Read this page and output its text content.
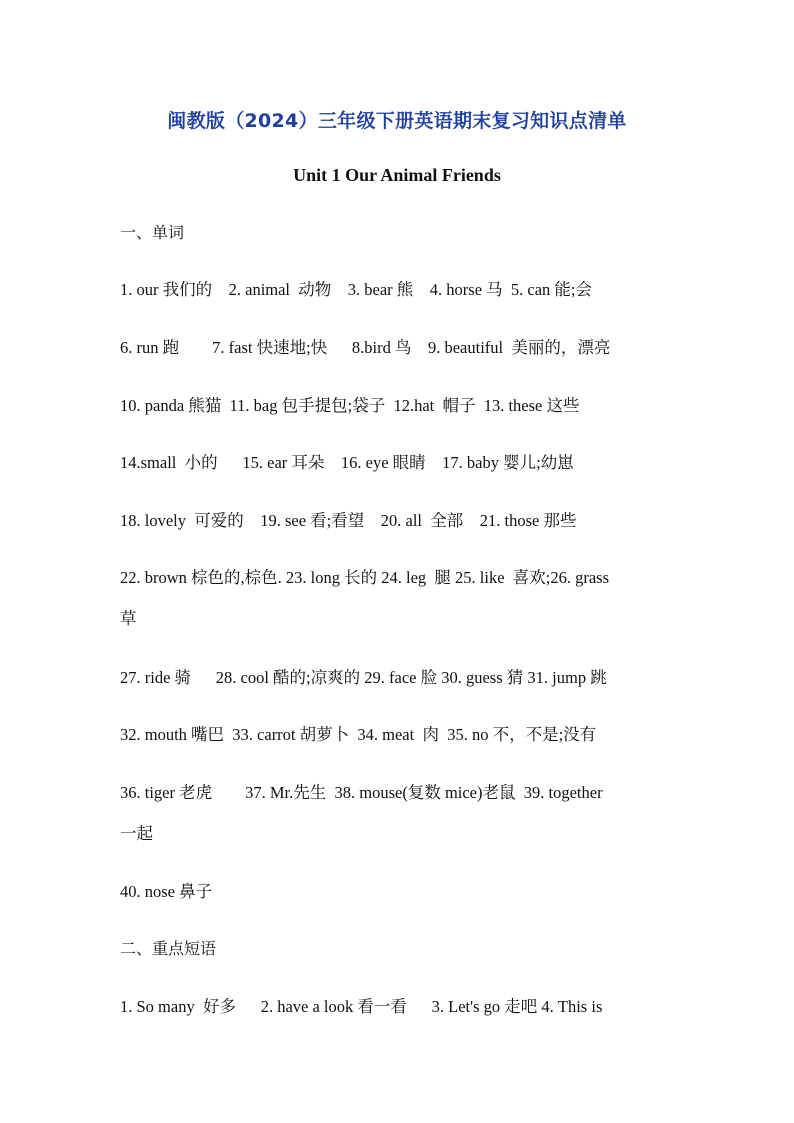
闽教版（2024）三年级下册英语期末复习知识点清单
Unit 1 Our Animal Friends
一、单词
1. our 我们的    2. animal  动物    3. bear 熊    4. horse 马  5. can 能;会
6. run 跑        7. fast 快速地;快      8.bird 鸟    9. beautiful  美丽的，漂亮
10. panda 熊猫  11. bag 包手提包;袋子  12.hat  帽子  13. these 这些
14.small  小的      15. ear 耳朵    16. eye 眼睛    17. baby 婴儿;幼崽
18. lovely  可爱的    19. see 看;看望    20. all  全部    21. those 那些
22. brown 棕色的,棕色. 23. long 长的 24. leg  腿 25. like  喜欢;26. grass
草
27. ride 骑      28. cool 酷的;凉爽的 29. face 脸 30. guess 猜 31. jump 跳
32. mouth 嘴巴  33. carrot 胡萝卜  34. meat  肉  35. no 不，不是;没有
36. tiger 老虎        37. Mr.先生  38. mouse(复数 mice)老鼠  39. together
一起
40. nose 鼻子
二、重点短语
1. So many  好多      2. have a look 看一看      3. Let's go 走吧 4. This is
